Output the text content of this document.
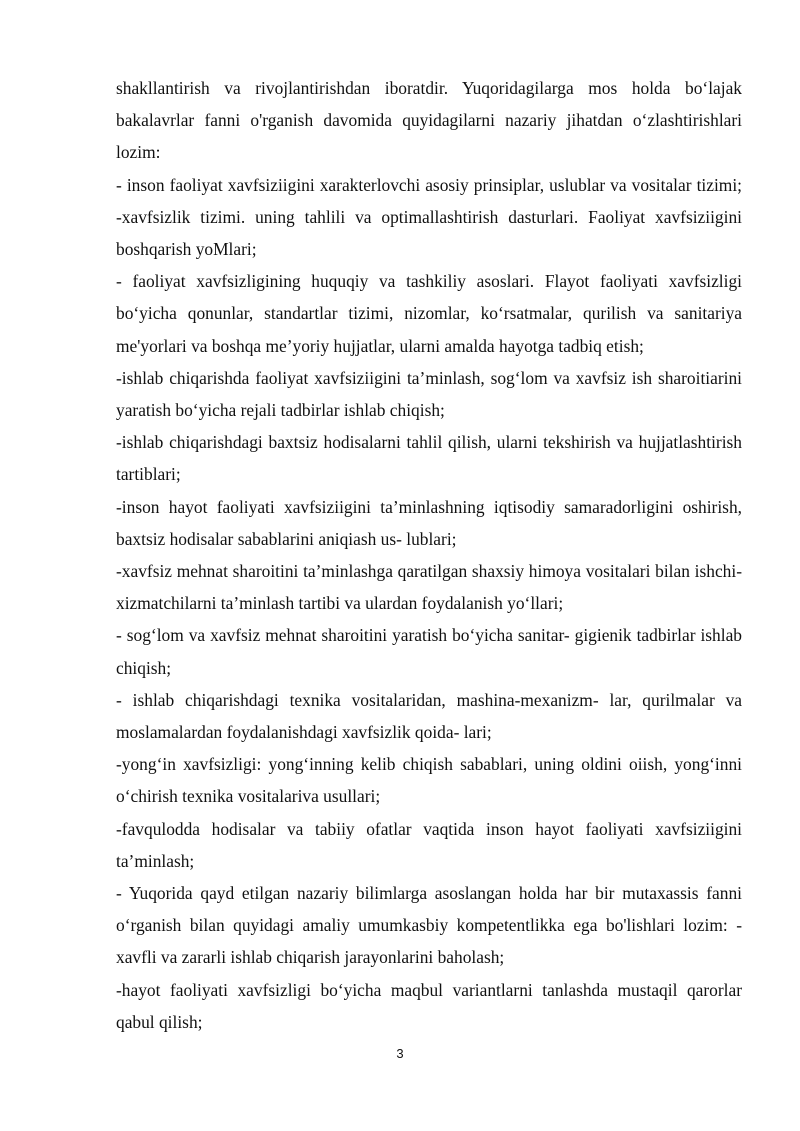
shakllantirish va rivojlantirishdan iboratdir. Yuqoridagilarga mos holda bo‘lajak bakalavrlar fanni o'rganish davomida quyidagilarni nazariy jihatdan o‘zlashtirishlari lozim:

- inson faoliyat xavfsiziigini xarakterlovchi asosiy prinsiplar, uslublar va vositalar tizimi; -xavfsizlik tizimi. uning tahlili va optimallashtirish dasturlari. Faoliyat xavfsiziigini boshqarish yoMlari;

- faoliyat xavfsizligining huquqiy va tashkiliy asoslari. Flayot faoliyati xavfsizligi bo‘yicha qonunlar, standartlar tizimi, nizomlar, ko‘rsatmalar, qurilish va sanitariya me'yorlari va boshqa me’yoriy hujjatlar, ularni amalda hayotga tadbiq etish;

-ishlab chiqarishda faoliyat xavfsiziigini ta’minlash, sog‘lom va xavfsiz ish sharoitiarini yaratish bo‘yicha rejali tadbirlar ishlab chiqish;

-ishlab chiqarishdagi baxtsiz hodisalarni tahlil qilish, ularni tekshirish va hujjatlashtirish tartiblari;

-inson hayot faoliyati xavfsiziigini ta’minlashning iqtisodiy samaradorligini oshirish, baxtsiz hodisalar sabablarini aniqiash us- lublari;

-xavfsiz mehnat sharoitini ta’minlashga qaratilgan shaxsiy himoya vositalari bilan ishchi-xizmatchilarni ta’minlash tartibi va ulardan foydalanish yo‘llari;

- sog‘lom va xavfsiz mehnat sharoitini yaratish bo‘yicha sanitar- gigienik tadbirlar ishlab chiqish;

- ishlab chiqarishdagi texnika vositalaridan, mashina-mexanizm- lar, qurilmalar va moslamalardan foydalanishdagi xavfsizlik qoida- lari;

-yong‘in xavfsizligi: yong‘inning kelib chiqish sabablari, uning oldini oiish, yong‘inni o‘chirish texnika vositalariva usullari;

-favqulodda hodisalar va tabiiy ofatlar vaqtida inson hayot faoliyati xavfsiziigini ta’minlash;

- Yuqorida qayd etilgan nazariy bilimlarga asoslangan holda har bir mutaxassis fanni o‘rganish bilan quyidagi amaliy umumkasbiy kompetentlikka ega bo'lishlari lozim: -xavfli va zararli ishlab chiqarish jarayonlarini baholash;

-hayot faoliyati xavfsizligi bo‘yicha maqbul variantlarni tanlashda mustaqil qarorlar qabul qilish;

3
